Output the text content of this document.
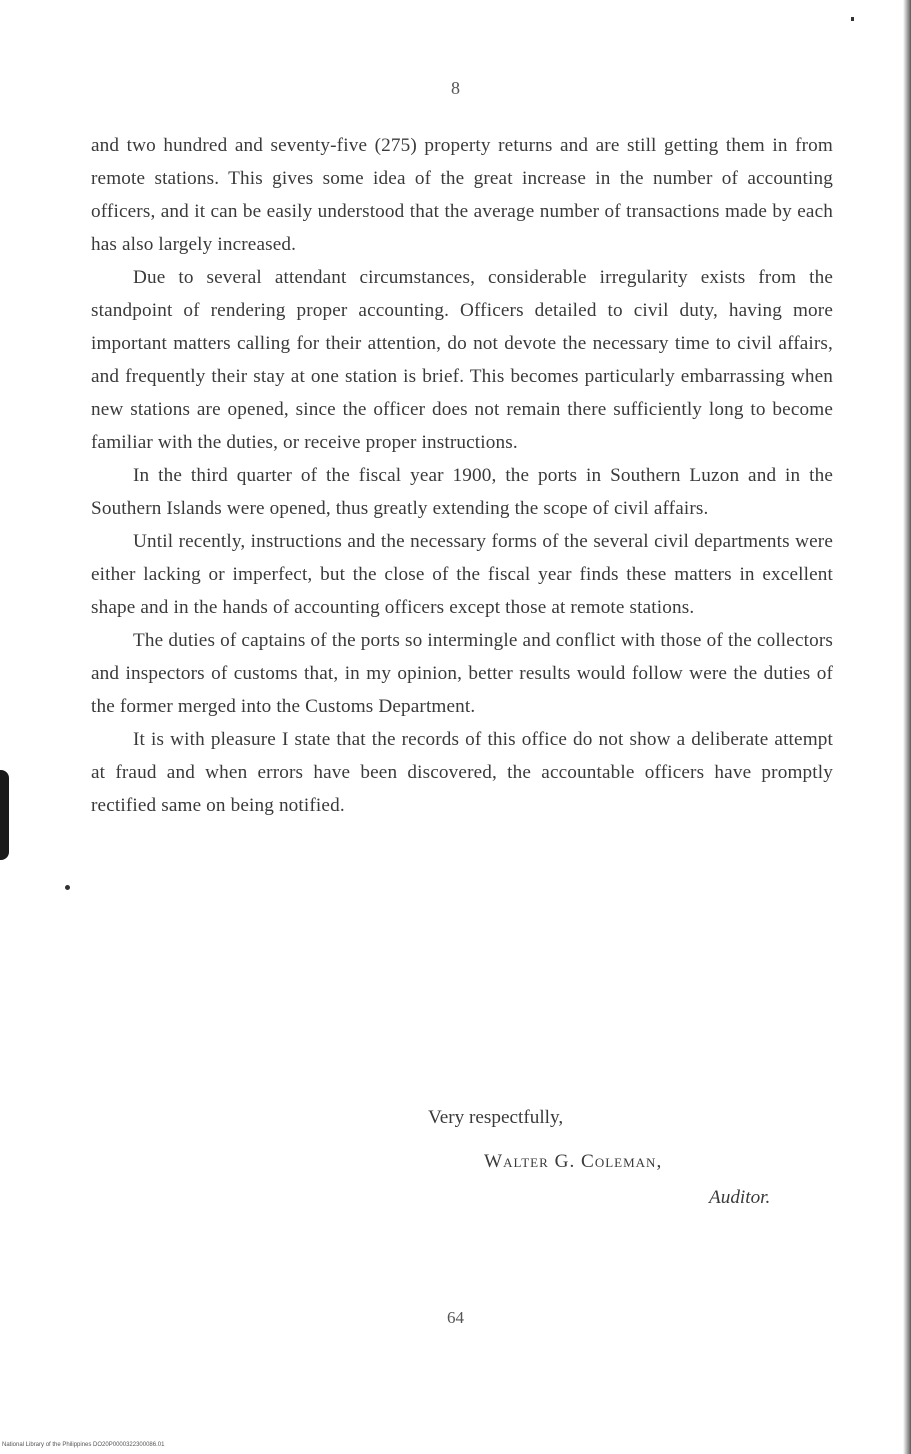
8

and two hundred and seventy-five (275) property returns and are still getting them in from remote stations. This gives some idea of the great increase in the number of accounting officers, and it can be easily understood that the average number of transactions made by each has also largely increased.

Due to several attendant circumstances, considerable irregularity exists from the standpoint of rendering proper accounting. Officers detailed to civil duty, having more important matters calling for their attention, do not devote the necessary time to civil affairs, and frequently their stay at one station is brief. This becomes particularly embarrassing when new stations are opened, since the officer does not remain there sufficiently long to become familiar with the duties, or receive proper instructions.

In the third quarter of the fiscal year 1900, the ports in Southern Luzon and in the Southern Islands were opened, thus greatly extending the scope of civil affairs.

Until recently, instructions and the necessary forms of the several civil departments were either lacking or imperfect, but the close of the fiscal year finds these matters in excellent shape and in the hands of accounting officers except those at remote stations.

The duties of captains of the ports so intermingle and conflict with those of the collectors and inspectors of customs that, in my opinion, better results would follow were the duties of the former merged into the Customs Department.

It is with pleasure I state that the records of this office do not show a deliberate attempt at fraud and when errors have been discovered, the accountable officers have promptly rectified same on being notified.

Very respectfully,
Walter G. Coleman,
Auditor.
64
National Library of the Philippines DO20P0000322300086.01
